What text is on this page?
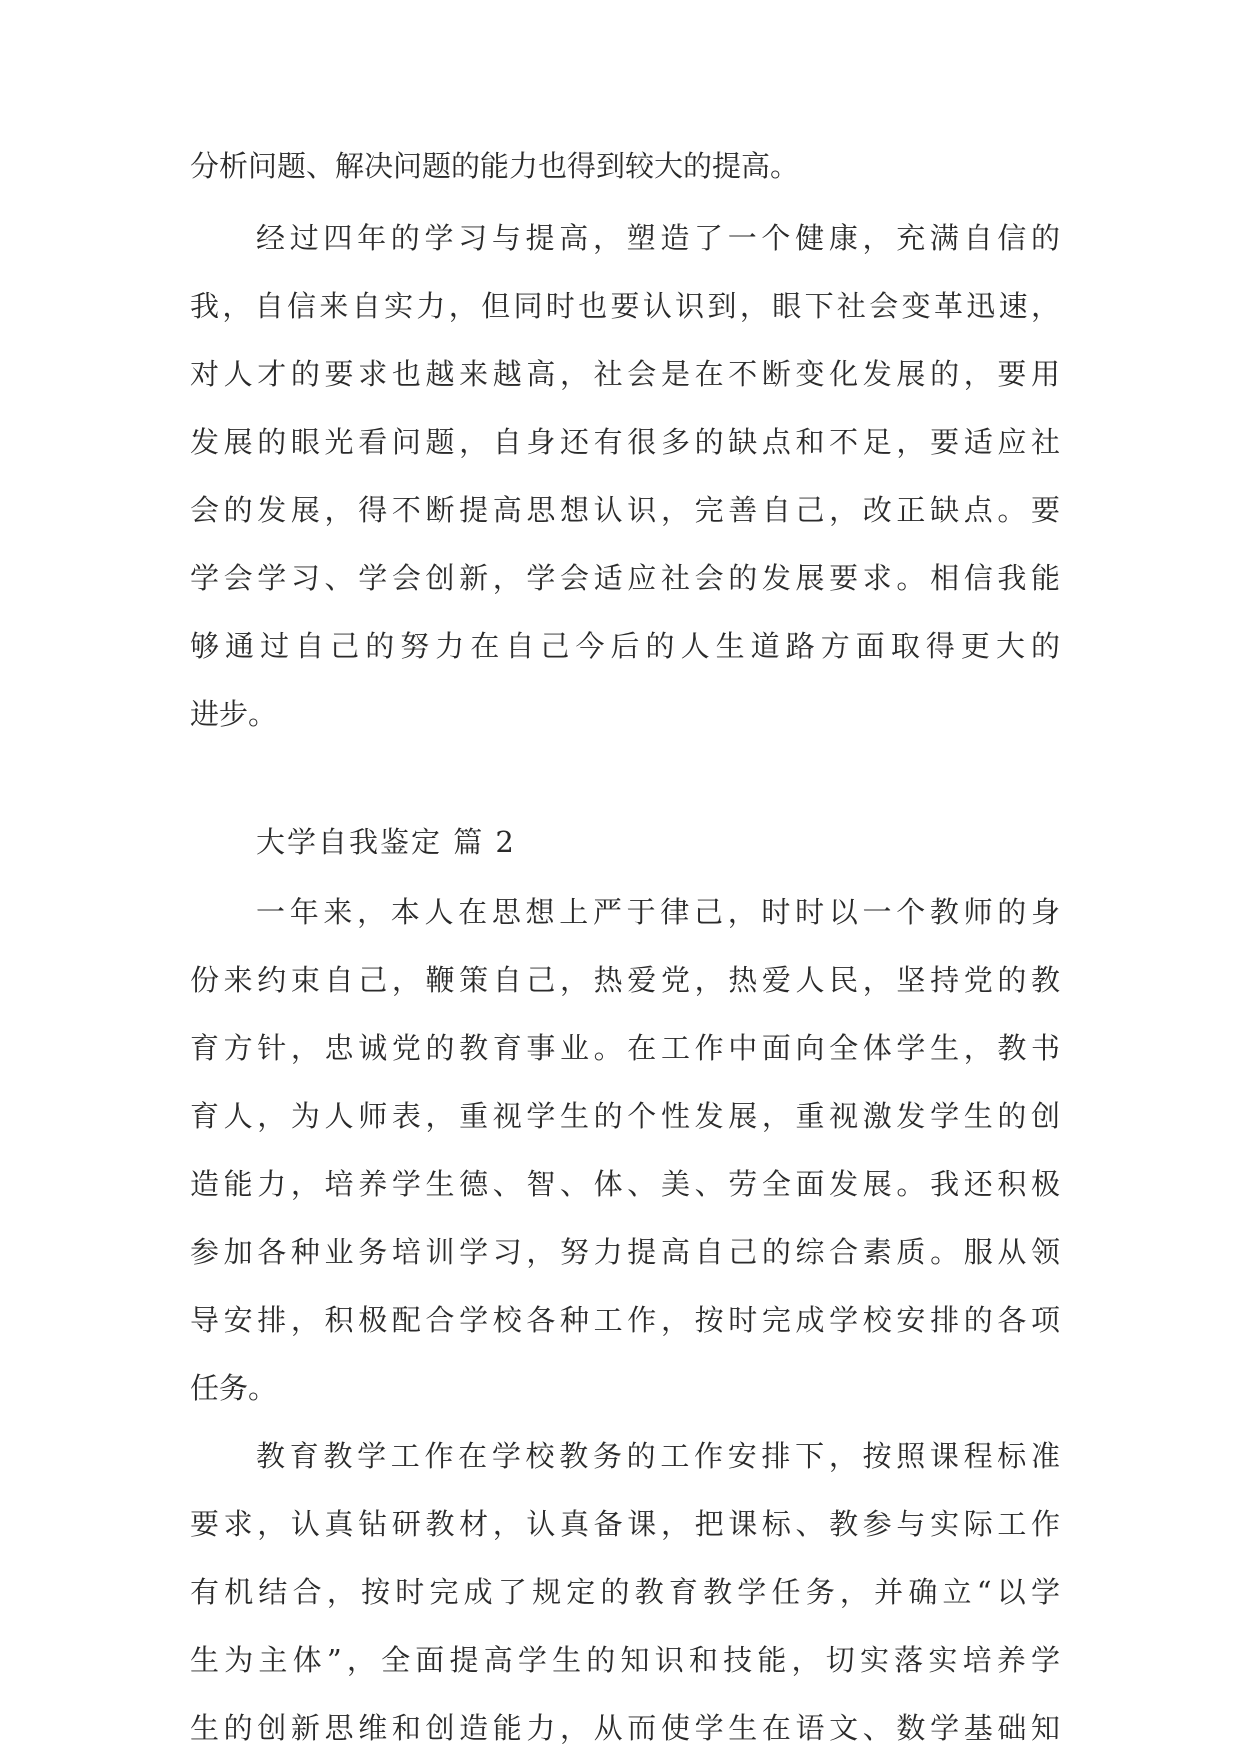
分析问题、解决问题的能力也得到较大的提高。
经过四年的学习与提高，塑造了一个健康，充满自信的
我，自信来自实力，但同时也要认识到，眼下社会变革迅速，
对人才的要求也越来越高，社会是在不断变化发展的，要用
发展的眼光看问题，自身还有很多的缺点和不足，要适应社
会的发展，得不断提高思想认识，完善自己，改正缺点。要
学会学习、学会创新，学会适应社会的发展要求。相信我能
够通过自己的努力在自己今后的人生道路方面取得更大的
进步。
大学自我鉴定 篇 2
一年来，本人在思想上严于律己，时时以一个教师的身
份来约束自己，鞭策自己，热爱党，热爱人民，坚持党的教
育方针，忠诚党的教育事业。在工作中面向全体学生，教书
育人，为人师表，重视学生的个性发展，重视激发学生的创
造能力，培养学生德、智、体、美、劳全面发展。我还积极
参加各种业务培训学习，努力提高自己的综合素质。服从领
导安排，积极配合学校各种工作，按时完成学校安排的各项
任务。
教育教学工作在学校教务的工作安排下，按照课程标准
要求，认真钻研教材，认真备课，把课标、教参与实际工作
有机结合，按时完成了规定的教育教学任务，并确立“以学
生为主体”，全面提高学生的知识和技能，切实落实培养学
生的创新思维和创造能力，从而使学生在语文、数学基础知
